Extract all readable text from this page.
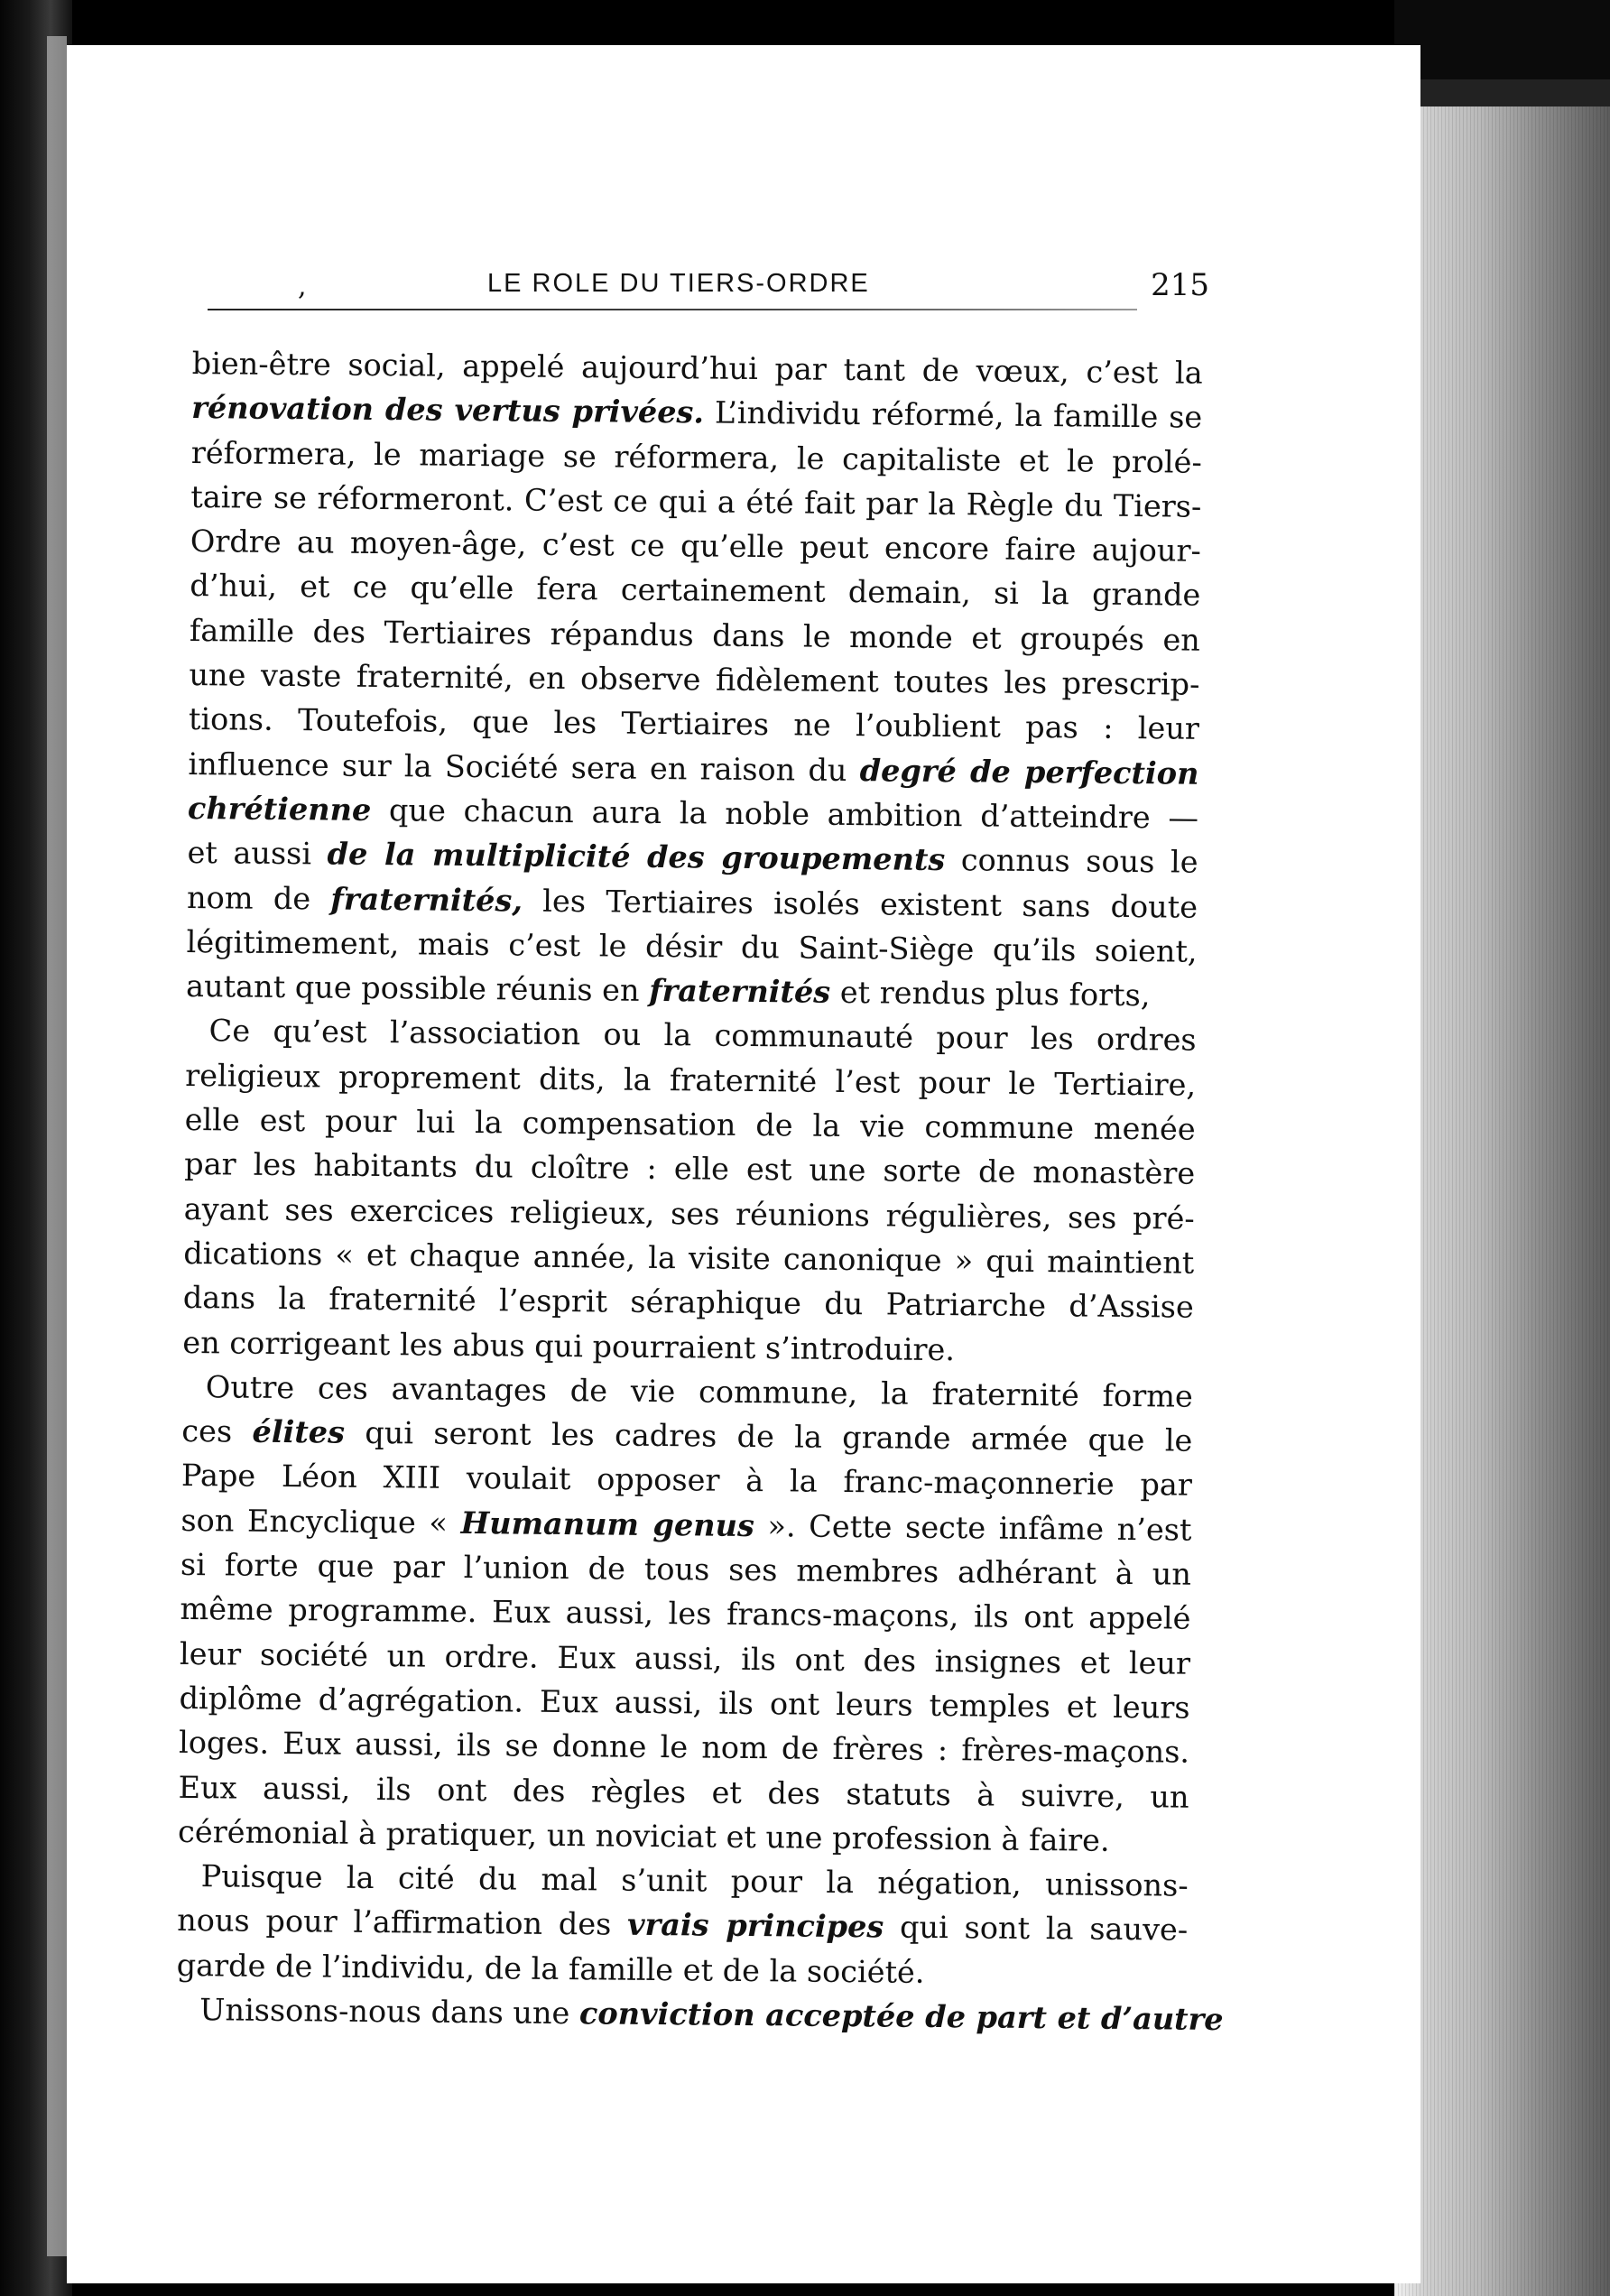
,	LE ROLE DU TIERS-ORDRE	215

bien-être social, appelé aujourd’hui par tant de vœux, c’est la

rénovation des vertus privées. L’individu réformé, la famille se

réformera, le mariage se réformera, le capitaliste et le prolé-

taire se réformeront. C’est ce qui a été fait par la Règle du Tiers-

Ordre au moyen-âge, c’est ce qu’elle peut encore faire aujour-

d’hui, et ce qu’elle fera certainement demain, si la grande

famille des Tertiaires répandus dans le monde et groupés en

une vaste fraternité, en observe fidèlement toutes les prescrip-

tions. Toutefois, que les Tertiaires ne l’oublient pas : leur

influence sur la Société sera en raison du degré de perfection

chrétienne que chacun aura la noble ambition d’atteindre —

et aussi de la multiplicité des groupements connus sous le

nom de fraternités, les Tertiaires isolés existent sans doute

légitimement, mais c’est le désir du Saint-Siège qu’ils soient,

autant que possible réunis en fraternités et rendus plus forts,

Ce qu’est l’association ou la communauté pour les ordres

religieux proprement dits, la fraternité l’est pour le Tertiaire,

elle est pour lui la compensation de la vie commune menée

par les habitants du cloître : elle est une sorte de monastère

ayant ses exercices religieux, ses réunions régulières, ses pré-

dications « et chaque année, la visite canonique » qui maintient

dans la fraternité l’esprit séraphique du Patriarche d’Assise

en corrigeant les abus qui pourraient s’introduire.

Outre ces avantages de vie commune, la fraternité forme

ces élites qui seront les cadres de la grande armée que le

Pape Léon XIII voulait opposer à la franc-maçonnerie par

son Encyclique « Humanum genus ». Cette secte infâme n’est

si forte que par l’union de tous ses membres adhérant à un

même programme. Eux aussi, les francs-maçons, ils ont appelé

leur société un ordre. Eux aussi, ils ont des insignes et leur

diplôme d’agrégation. Eux aussi, ils ont leurs temples et leurs

loges. Eux aussi, ils se donne le nom de frères : frères-maçons.

Eux aussi, ils ont des règles et des statuts à suivre, un

cérémonial à pratiquer, un noviciat et une profession à faire.

Puisque la cité du mal s’unit pour la négation, unissons-

nous pour l’affirmation des vrais principes qui sont la sauve-

garde de l’individu, de la famille et de la société.

Unissons-nous dans une conviction acceptée de part et d’autre
